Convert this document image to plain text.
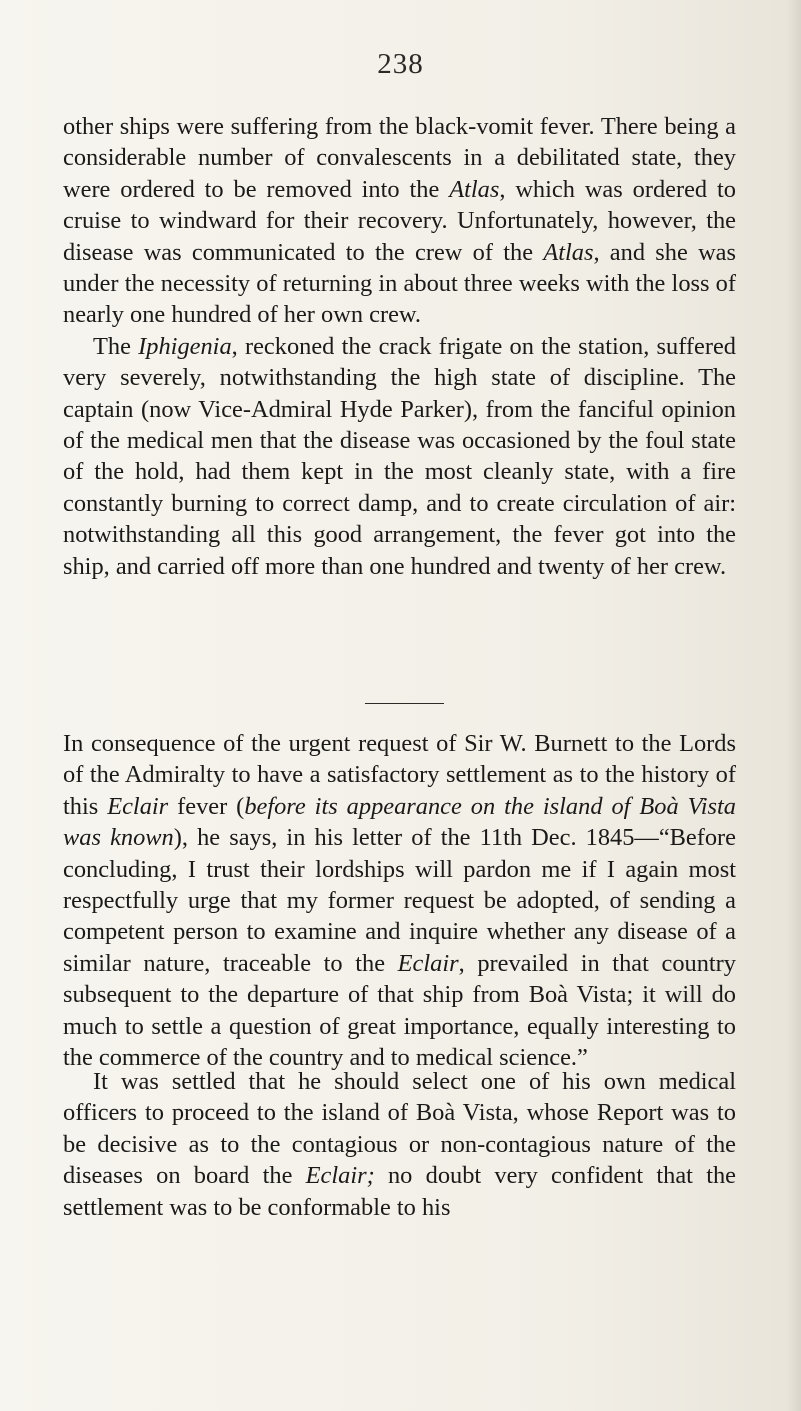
238

other ships were suffering from the black-vomit fever. There being a considerable number of convalescents in a debilitated state, they were ordered to be removed into the Atlas, which was ordered to cruise to windward for their recovery. Unfortunately, however, the disease was communicated to the crew of the Atlas, and she was under the necessity of returning in about three weeks with the loss of nearly one hundred of her own crew.

The Iphigenia, reckoned the crack frigate on the station, suffered very severely, notwithstanding the high state of discipline. The captain (now Vice-Admiral Hyde Parker), from the fanciful opinion of the medical men that the disease was occasioned by the foul state of the hold, had them kept in the most cleanly state, with a fire constantly burning to correct damp, and to create circulation of air: notwithstanding all this good arrangement, the fever got into the ship, and carried off more than one hundred and twenty of her crew.

In consequence of the urgent request of Sir W. Burnett to the Lords of the Admiralty to have a satisfactory settlement as to the history of this Eclair fever (before its appearance on the island of Boà Vista was known), he says, in his letter of the 11th Dec. 1845—“Before concluding, I trust their lordships will pardon me if I again most respectfully urge that my former request be adopted, of sending a competent person to examine and inquire whether any disease of a similar nature, traceable to the Eclair, prevailed in that country subsequent to the departure of that ship from Boà Vista; it will do much to settle a question of great importance, equally interesting to the commerce of the country and to medical science.”

It was settled that he should select one of his own medical officers to proceed to the island of Boà Vista, whose Report was to be decisive as to the contagious or non-contagious nature of the diseases on board the Eclair; no doubt very confident that the settlement was to be conformable to his
